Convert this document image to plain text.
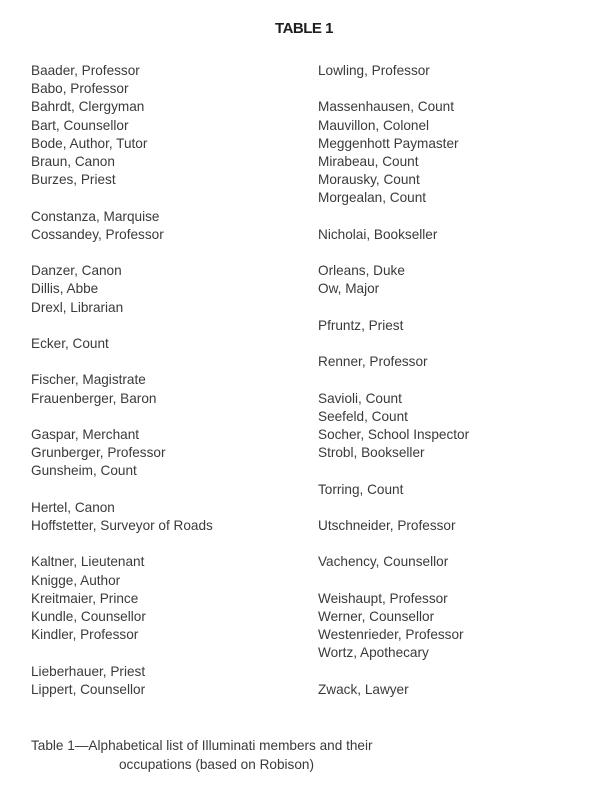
TABLE 1
Baader, Professor
Babo, Professor
Bahrdt, Clergyman
Bart, Counsellor
Bode, Author, Tutor
Braun, Canon
Burzes, Priest
Constanza, Marquise
Cossandey, Professor
Danzer, Canon
Dillis, Abbe
Drexl, Librarian
Ecker, Count
Fischer, Magistrate
Frauenberger, Baron
Gaspar, Merchant
Grunberger, Professor
Gunsheim, Count
Hertel, Canon
Hoffstetter, Surveyor of Roads
Kaltner, Lieutenant
Knigge, Author
Kreitmaier, Prince
Kundle, Counsellor
Kindler, Professor
Lieberhauer, Priest
Lippert, Counsellor
Lowling, Professor
Massenhausen, Count
Mauvillon, Colonel
Meggenhott Paymaster
Mirabeau, Count
Morausky, Count
Morgealan, Count
Nicholai, Bookseller
Orleans, Duke
Ow, Major
Pfruntz, Priest
Renner, Professor
Savioli, Count
Seefeld, Count
Socher, School Inspector
Strobl, Bookseller
Torring, Count
Utschneider, Professor
Vachency, Counsellor
Weishaupt, Professor
Werner, Counsellor
Westenrieder, Professor
Wortz, Apothecary
Zwack, Lawyer
Table 1—Alphabetical list of Illuminati members and their
occupations (based on Robison)
